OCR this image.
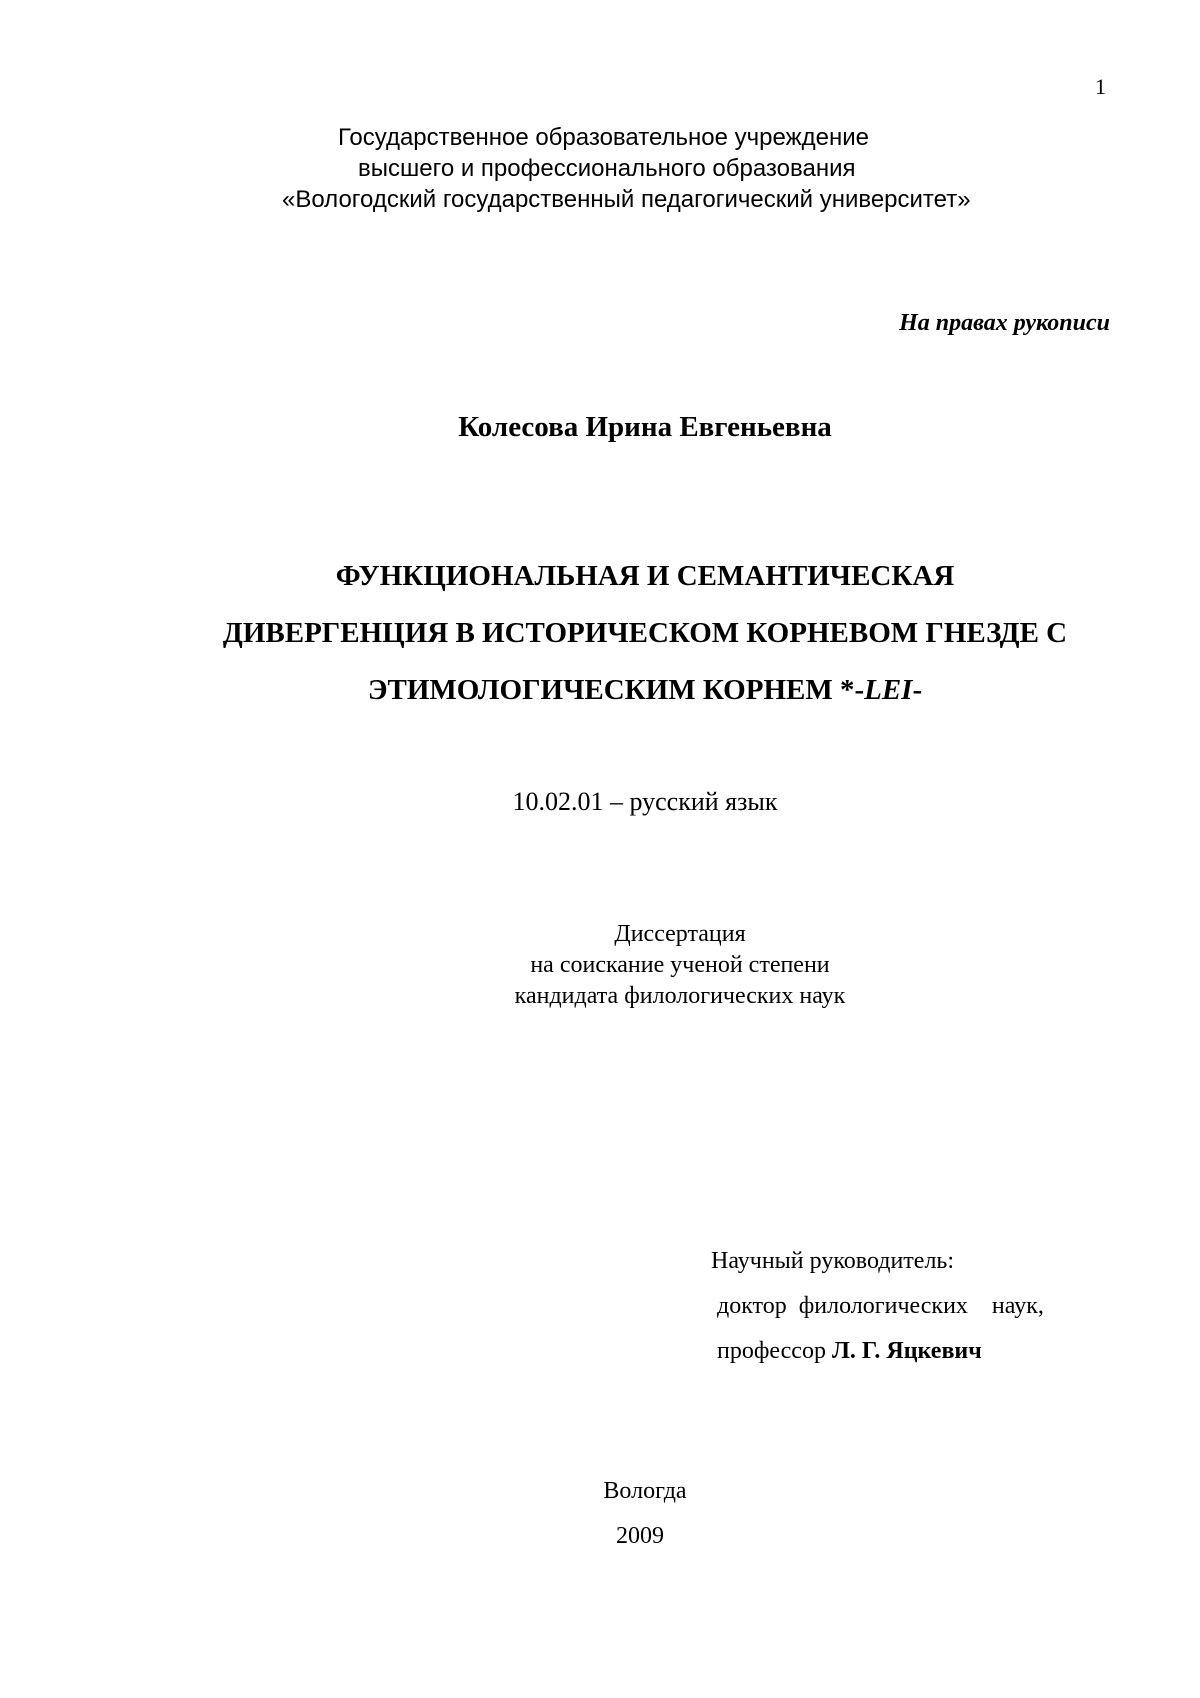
1
Государственное образовательное учреждение
высшего и профессионального образования
«Вологодский государственный педагогический университет»
На правах рукописи
Колесова Ирина Евгеньевна
ФУНКЦИОНАЛЬНАЯ И СЕМАНТИЧЕСКАЯ
ДИВЕРГЕНЦИЯ В ИСТОРИЧЕСКОМ КОРНЕВОМ ГНЕЗДЕ С
ЭТИМОЛОГИЧЕСКИМ КОРНЕМ *-LEI-
10.02.01 – русский язык
Диссертация
на соискание ученой степени
кандидата филологических наук
Научный руководитель:
доктор филологических наук,
профессор Л. Г. Яцкевич
Вологда
2009
